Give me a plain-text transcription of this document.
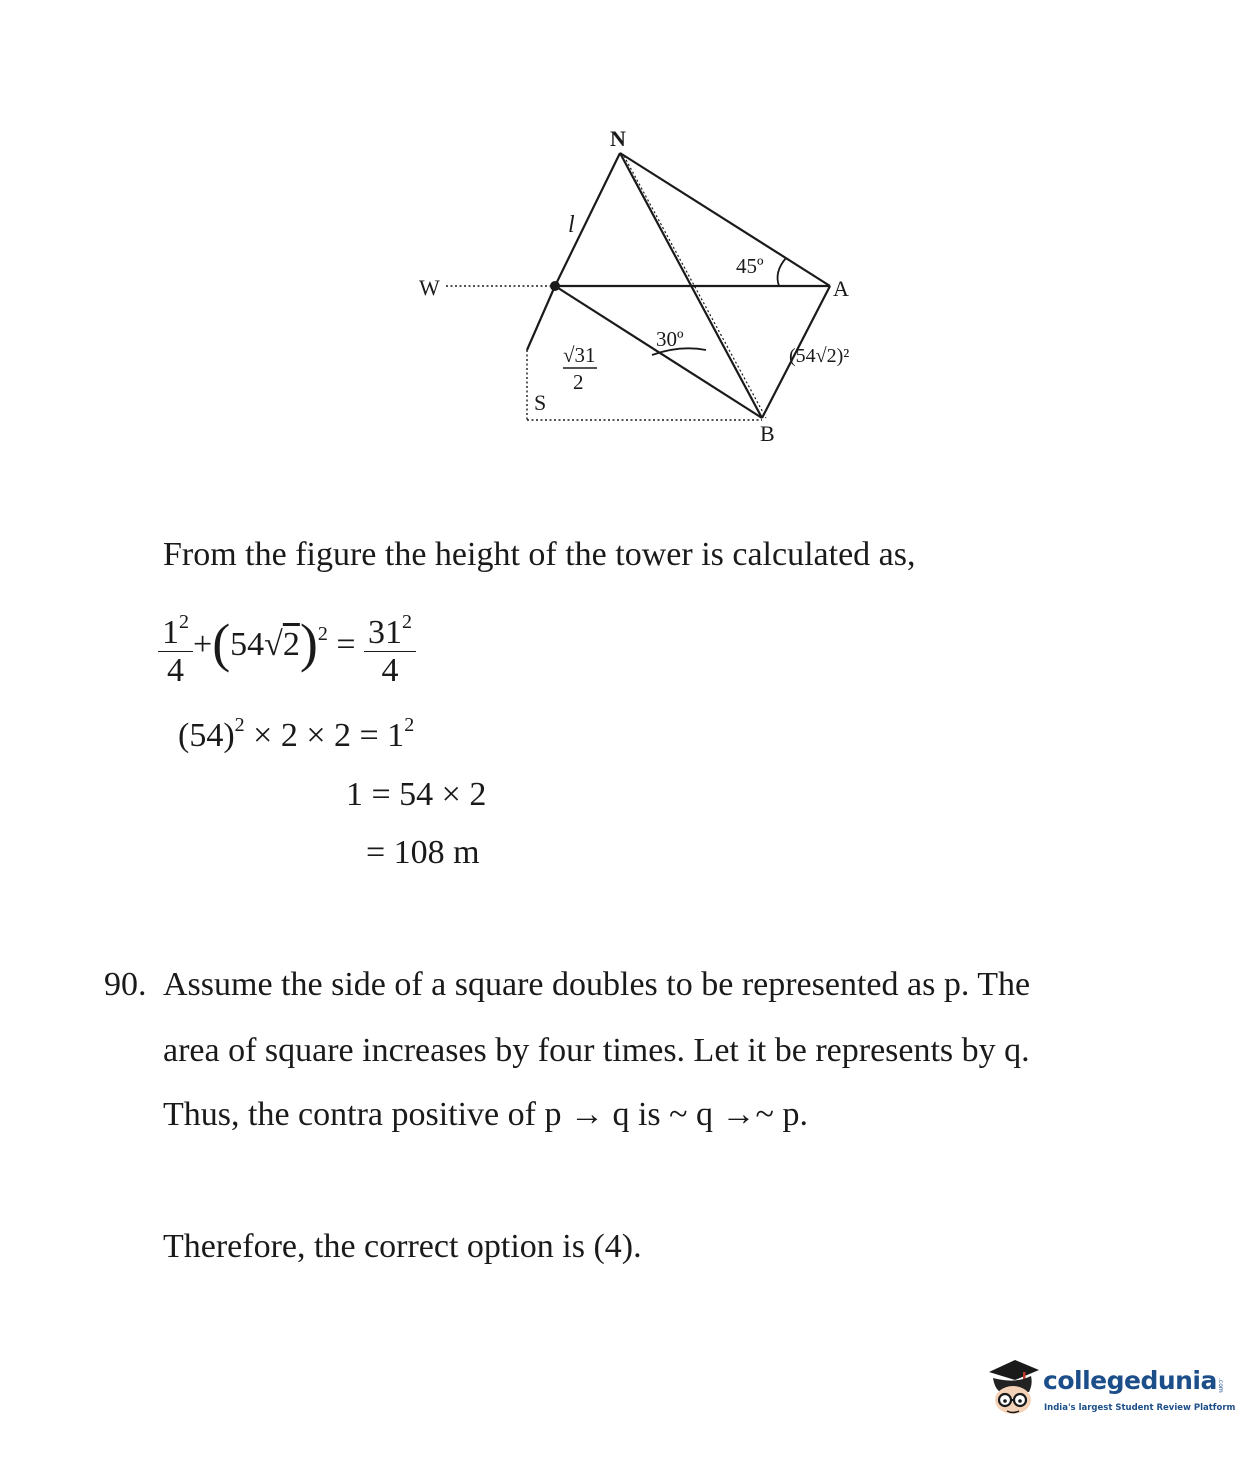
N
W	A
S
B
l
45º
30º
√31
2
(54√2)²
From the figure the height of the tower is calculated as,
$\frac{1^2}{4} +(54√2)^2 = \frac{31^2}{4}$
$(54)^2 \times 2 \times 2 = 1^2$
1 = 54 × 2
= 108 m
90. Assume the side of a square doubles to be represented as p. The
area of square increases by four times. Let it be represents by q.
Thus, the contra positive of p → q is ~ q →~ p.
Therefore, the correct option is (4).
collegedunia.com
India's largest Student Review Platform
